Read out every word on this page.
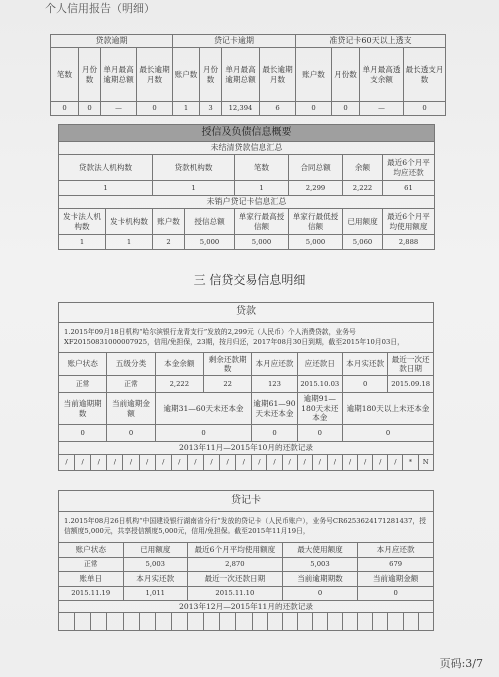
个人信用报告（明细）
贷款逾期				贷记卡逾期				准贷记卡60天以上透支			
笔数	月份数	单月最高逾期总额	最长逾期月数	账户数	月份数	单月最高逾期总额	最长逾期月数	账户数	月份数	单月最高透支余额	最长透支月数
0	0	—	0	1	3	12,394	6	0	0	—	0
授信及负债信息概要							
未结清贷款信息汇总							
贷款法人机构数		贷款机构数		笔数	合同总额	余额	最近6个月平均应还款
1		1		1	2,299	2,222	61
未销户贷记卡信息汇总							
发卡法人机构数	发卡机构数	账户数	授信总额	单家行最高授信额	单家行最低授信额	已用额度	最近6个月平均使用额度
1	1	2	5,000	5,000	5,000	5,060	2,888
三 信贷交易信息明细
贷款																							
1.2015年09月18日机构“哈尔滨银行龙青支行”发放的2,299元（人民币）个人消费贷款，业务号XF20150831000007925，信用/免担保，23期，按月归还，2017年08月30日到期，截至2015年10月03日，																							
账户状态			五级分类			本金余额			剩余还款期数			本月应还款			应还款日			本月实还款			最近一次还款日期		
正常			正常			2,222			22			123			2015.10.03			0			2015.09.18		
当前逾期期数			当前逾期金额			逾期31—60天未还本金						逾期61—90天未还本金			逾期91—180天未还本金			逾期180天以上未还本金					
0			0			0						0			0			0					
2013年11月—2015年10月的还款记录																							
/	/	/	/	/	/	/	/	/	/	/	/	/	/	/	/	/	/	/	/	/	/	*	N
贷记卡																							
1.2015年08月26日机构“中国建设银行湖南省分行”发放的贷记卡（人民币账户），业务号CR6253624171281437，授信额度5,000元，共享授信额度5,000元，信用/免担保。截至2015年11月19日，																							
账户状态				已用额度				最近6个月平均使用额度						最大使用额度					本月应还款				
正常				5,003				2,870						5,003					679				
账单日				本月实还款				最近一次还款日期						当前逾期期数					当前逾期金额				
2015.11.19				1,011				2015.11.10						0					0				
2013年12月—2015年11月的还款记录																							

页码:3/7
